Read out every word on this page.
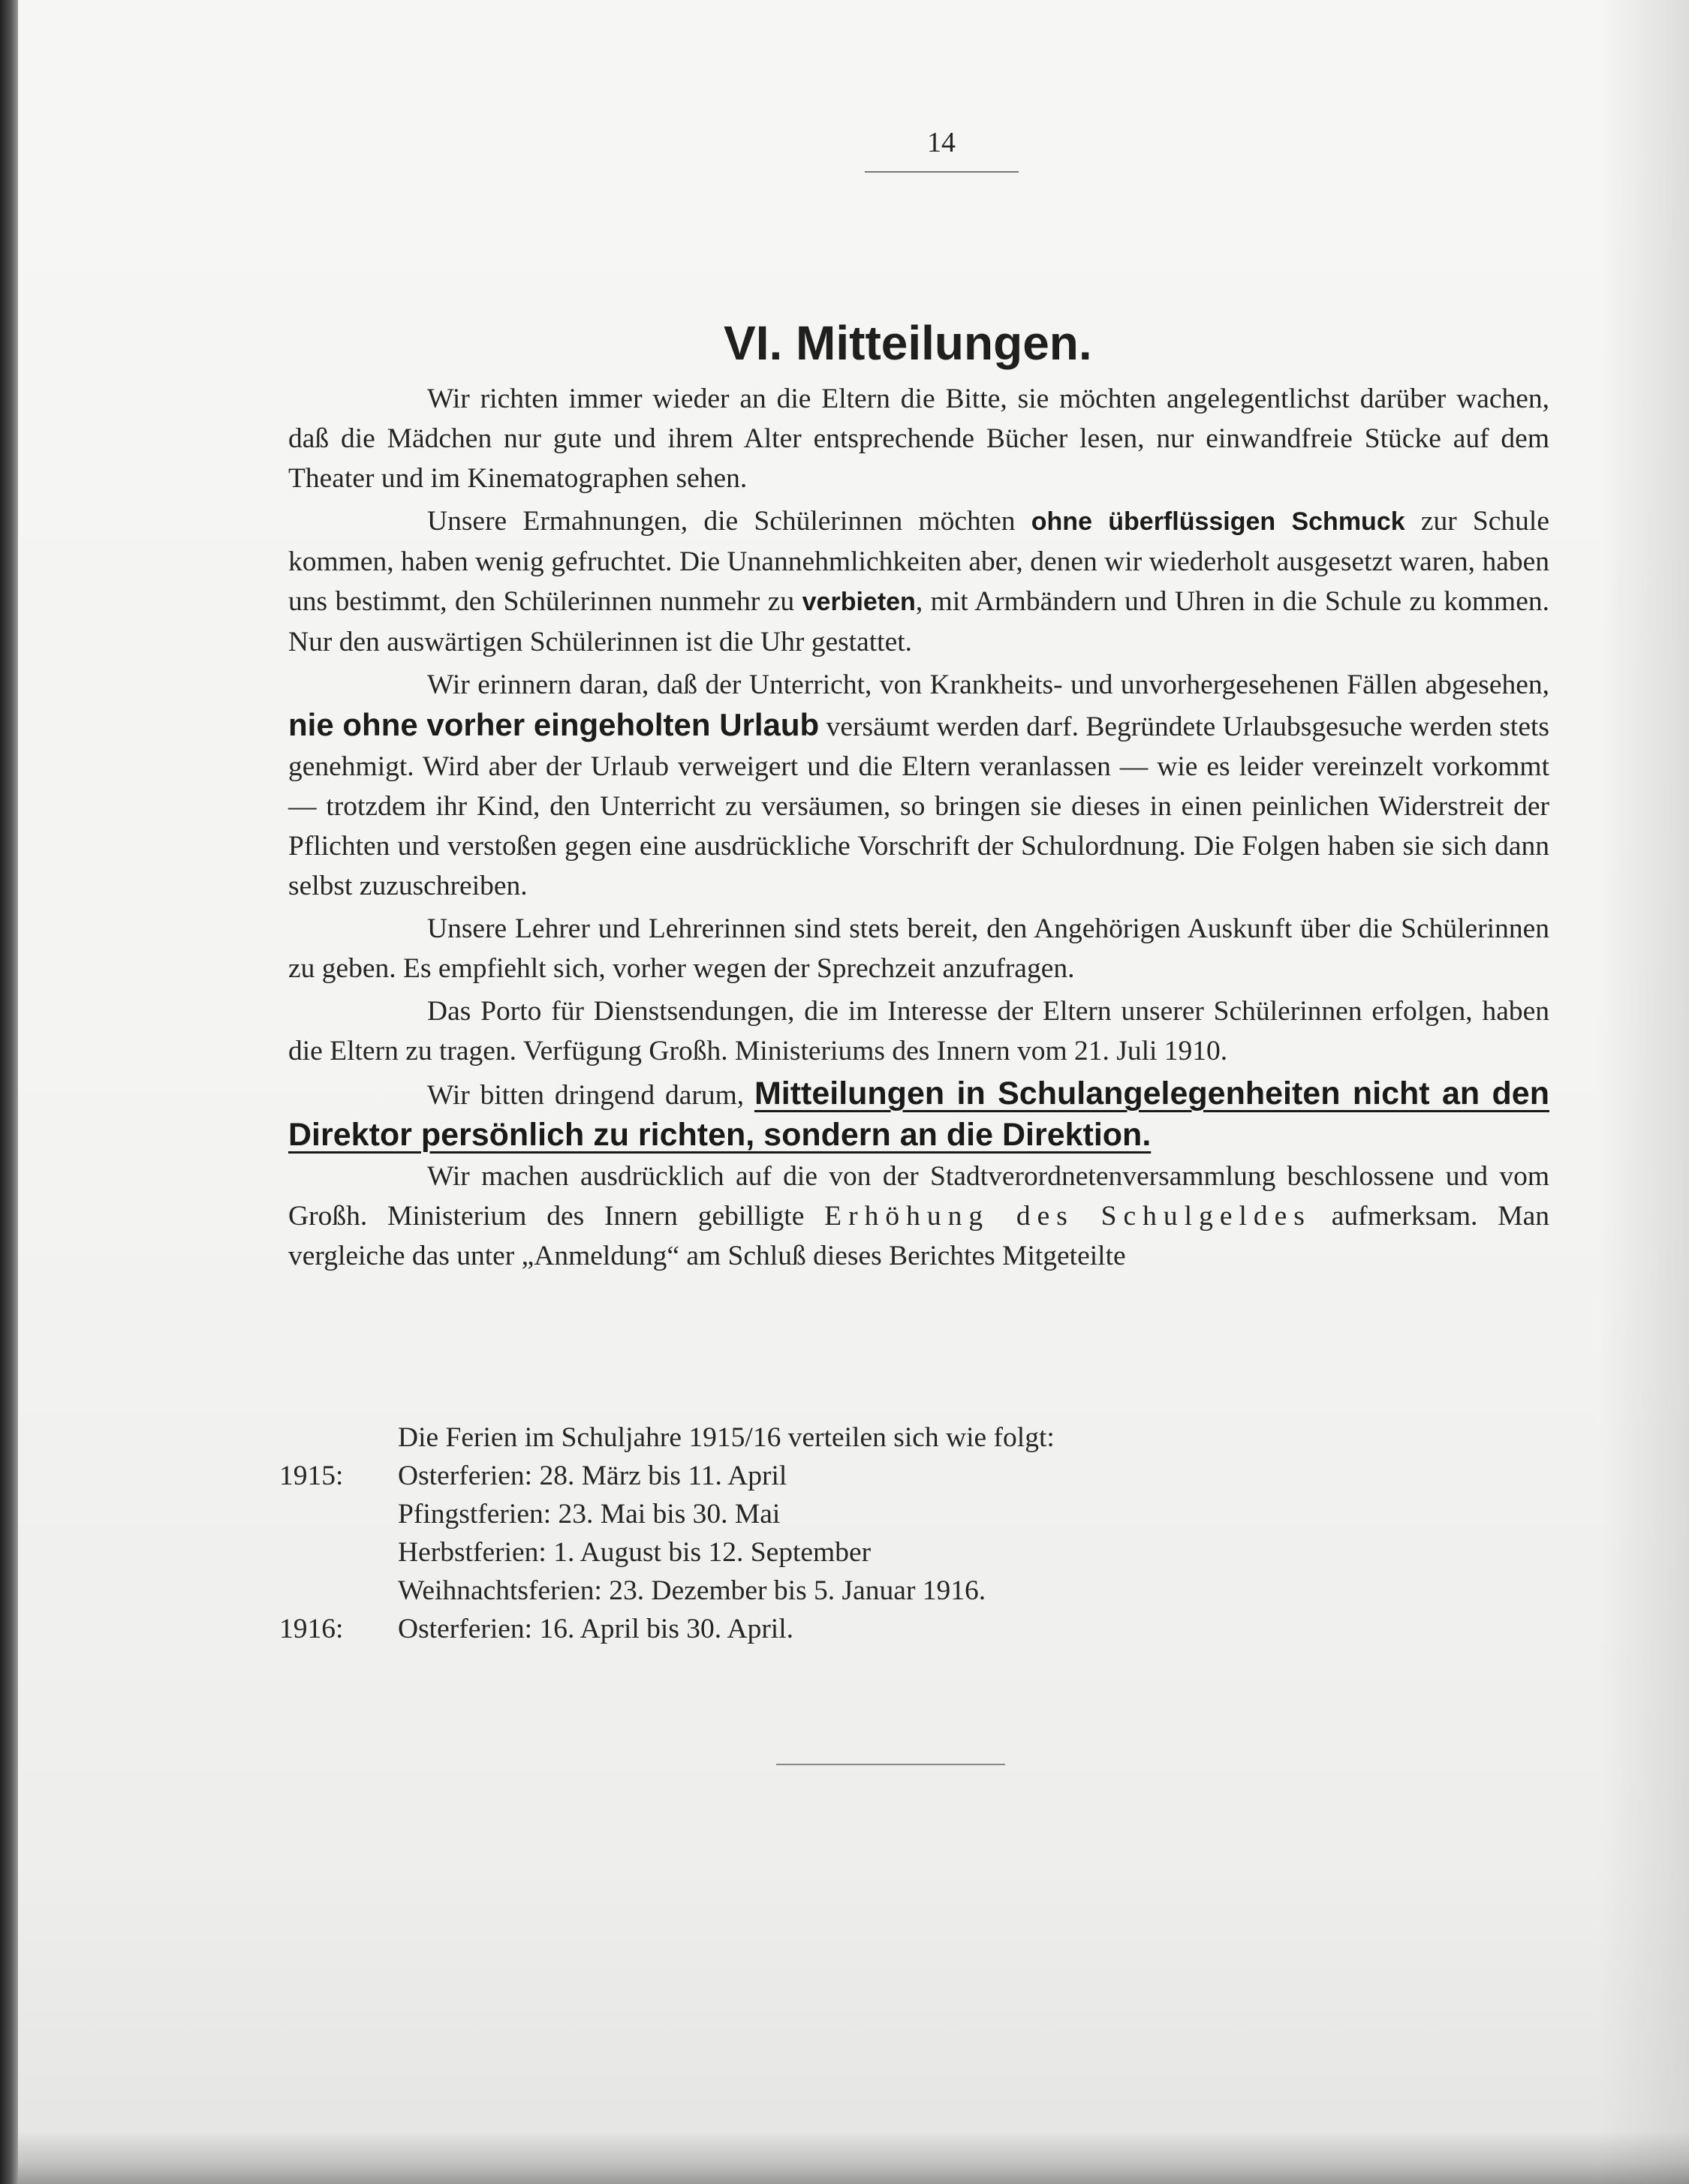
14
VI. Mitteilungen.

Wir richten immer wieder an die Eltern die Bitte, sie möchten angelegentlichst darüber wachen, daß die Mädchen nur gute und ihrem Alter entsprechende Bücher lesen, nur einwandfreie Stücke auf dem Theater und im Kinematographen sehen.

Unsere Ermahnungen, die Schülerinnen möchten ohne überflüssigen Schmuck zur Schule kommen, haben wenig gefruchtet. Die Unannehmlichkeiten aber, denen wir wiederholt ausgesetzt waren, haben uns bestimmt, den Schülerinnen nunmehr zu verbieten, mit Armbändern und Uhren in die Schule zu kommen. Nur den auswärtigen Schülerinnen ist die Uhr gestattet.

Wir erinnern daran, daß der Unterricht, von Krankheits- und unvorhergesehenen Fällen abgesehen, nie ohne vorher eingeholten Urlaub versäumt werden darf. Begründete Urlaubsgesuche werden stets genehmigt. Wird aber der Urlaub verweigert und die Eltern veranlassen — wie es leider vereinzelt vorkommt — trotzdem ihr Kind, den Unterricht zu versäumen, so bringen sie dieses in einen peinlichen Widerstreit der Pflichten und verstoßen gegen eine ausdrückliche Vorschrift der Schulordnung. Die Folgen haben sie sich dann selbst zuzuschreiben.

Unsere Lehrer und Lehrerinnen sind stets bereit, den Angehörigen Auskunft über die Schülerinnen zu geben. Es empfiehlt sich, vorher wegen der Sprechzeit anzufragen.

Das Porto für Dienstsendungen, die im Interesse der Eltern unserer Schülerinnen erfolgen, haben die Eltern zu tragen. Verfügung Großh. Ministeriums des Innern vom 21. Juli 1910.

Wir bitten dringend darum, Mitteilungen in Schulangelegenheiten nicht an den Direktor persönlich zu richten, sondern an die Direktion.

Wir machen ausdrücklich auf die von der Stadtverordnetenversammlung beschlossene und vom Großh. Ministerium des Innern gebilligte Erhöhung des Schulgeldes aufmerksam. Man vergleiche das unter „Anmeldung“ am Schluß dieses Berichtes Mitgeteilte

Die Ferien im Schuljahre 1915/16 verteilen sich wie folgt:
1915: Osterferien: 28. März bis 11. April
Pfingstferien: 23. Mai bis 30. Mai
Herbstferien: 1. August bis 12. September
Weihnachtsferien: 23. Dezember bis 5. Januar 1916.
1916: Osterferien: 16. April bis 30. April.
